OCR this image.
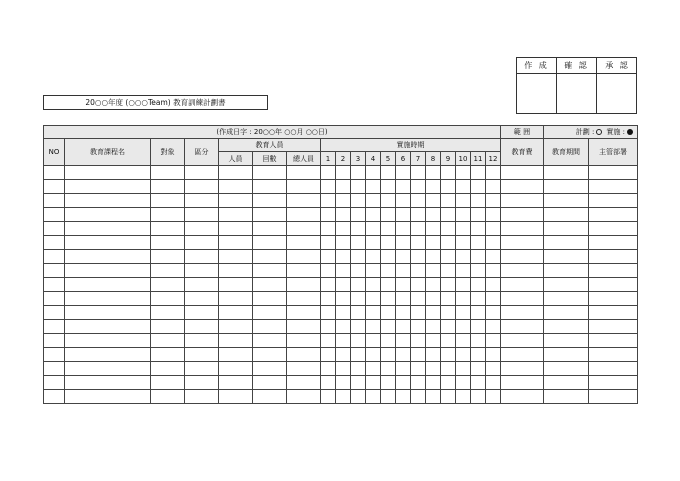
作 成	確 認	承 認
20○○年度 (○○○Team) 教育訓練計劃書
(作成日字 : 20○○年 ○○月 ○○日)																			範 囲	計劃 : 實施 :	
NO	教育課程名	對象	區分	教育人員			實施時期												教育費	教育期間	主管部署
				人員	回數	總人員	1	2	3	4	5	6	7	8	9	10	11	12			
